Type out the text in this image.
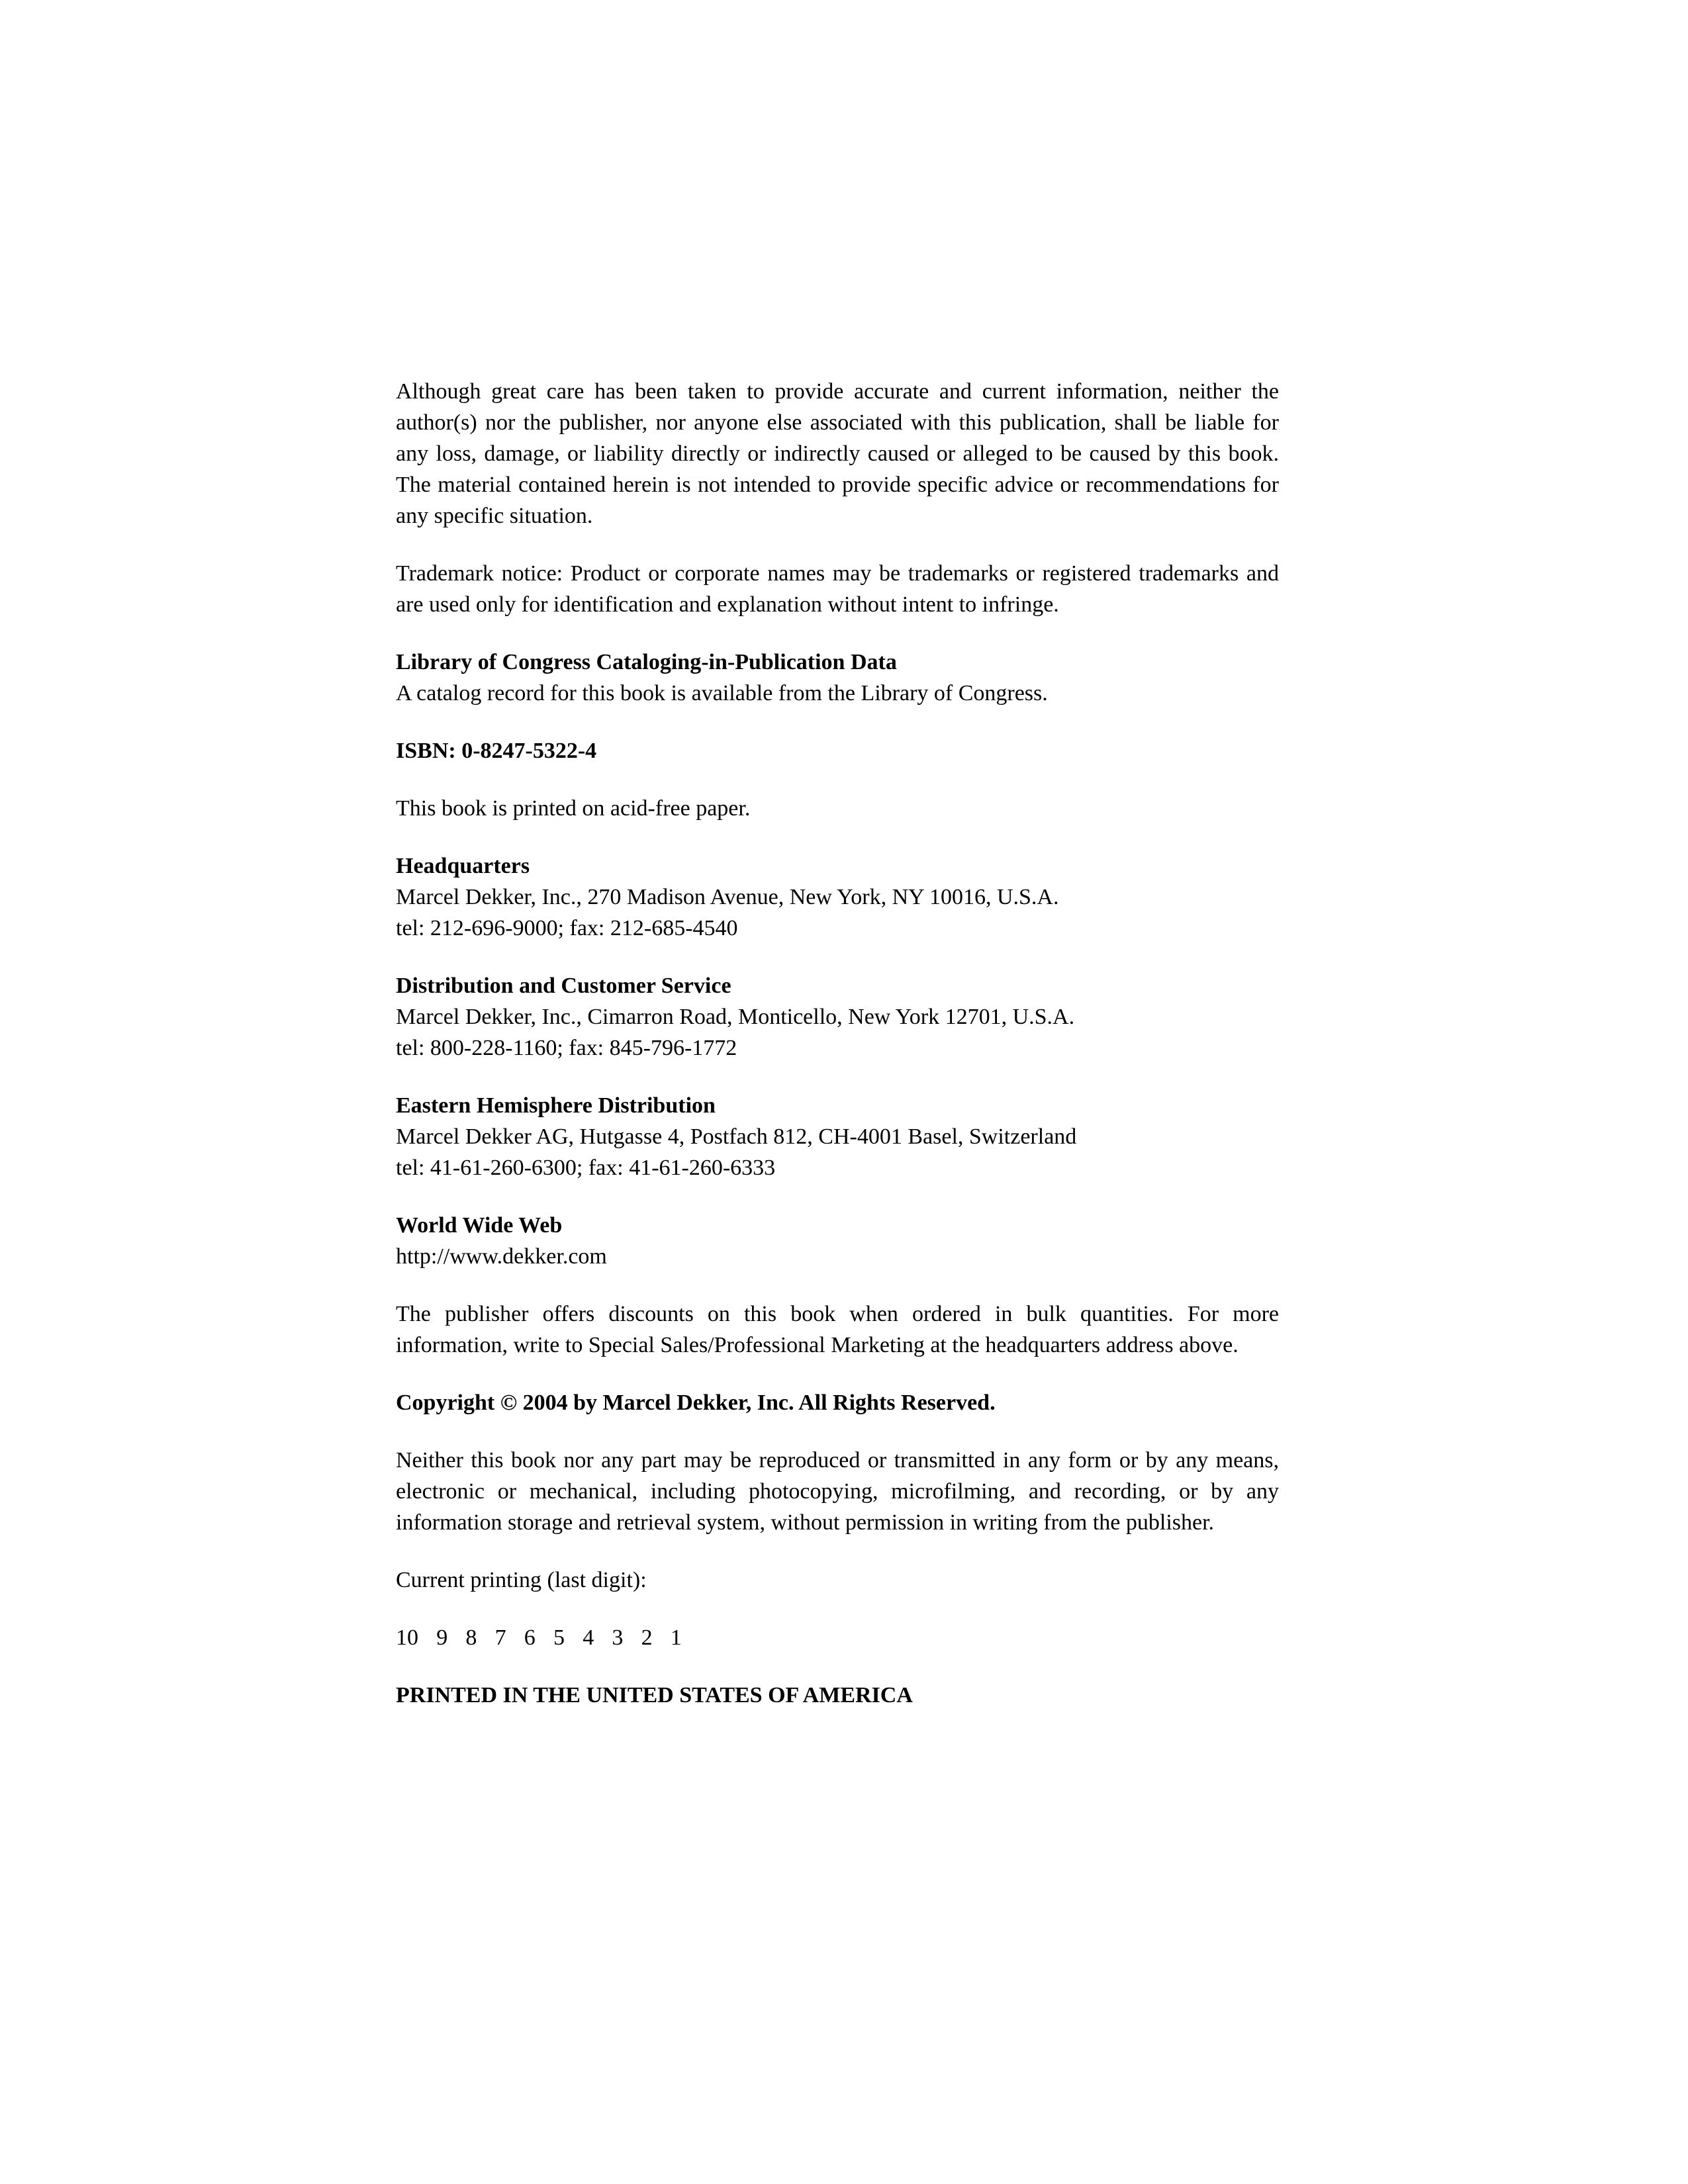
Although great care has been taken to provide accurate and current information, neither the author(s) nor the publisher, nor anyone else associated with this publication, shall be liable for any loss, damage, or liability directly or indirectly caused or alleged to be caused by this book. The material contained herein is not intended to provide specific advice or recommendations for any specific situation.

Trademark notice: Product or corporate names may be trademarks or registered trademarks and are used only for identification and explanation without intent to infringe.

Library of Congress Cataloging-in-Publication Data

A catalog record for this book is available from the Library of Congress.

ISBN: 0-8247-5322-4

This book is printed on acid-free paper.

Headquarters

Marcel Dekker, Inc., 270 Madison Avenue, New York, NY 10016, U.S.A.

tel: 212-696-9000; fax: 212-685-4540

Distribution and Customer Service

Marcel Dekker, Inc., Cimarron Road, Monticello, New York 12701, U.S.A.

tel: 800-228-1160; fax: 845-796-1772

Eastern Hemisphere Distribution

Marcel Dekker AG, Hutgasse 4, Postfach 812, CH-4001 Basel, Switzerland

tel: 41-61-260-6300; fax: 41-61-260-6333

World Wide Web

http://www.dekker.com

The publisher offers discounts on this book when ordered in bulk quantities. For more information, write to Special Sales/Professional Marketing at the headquarters address above.

Copyright © 2004 by Marcel Dekker, Inc. All Rights Reserved.

Neither this book nor any part may be reproduced or transmitted in any form or by any means, electronic or mechanical, including photocopying, microfilming, and recording, or by any information storage and retrieval system, without permission in writing from the publisher.

Current printing (last digit):

10 9 8 7 6 5 4 3 2 1

PRINTED IN THE UNITED STATES OF AMERICA
